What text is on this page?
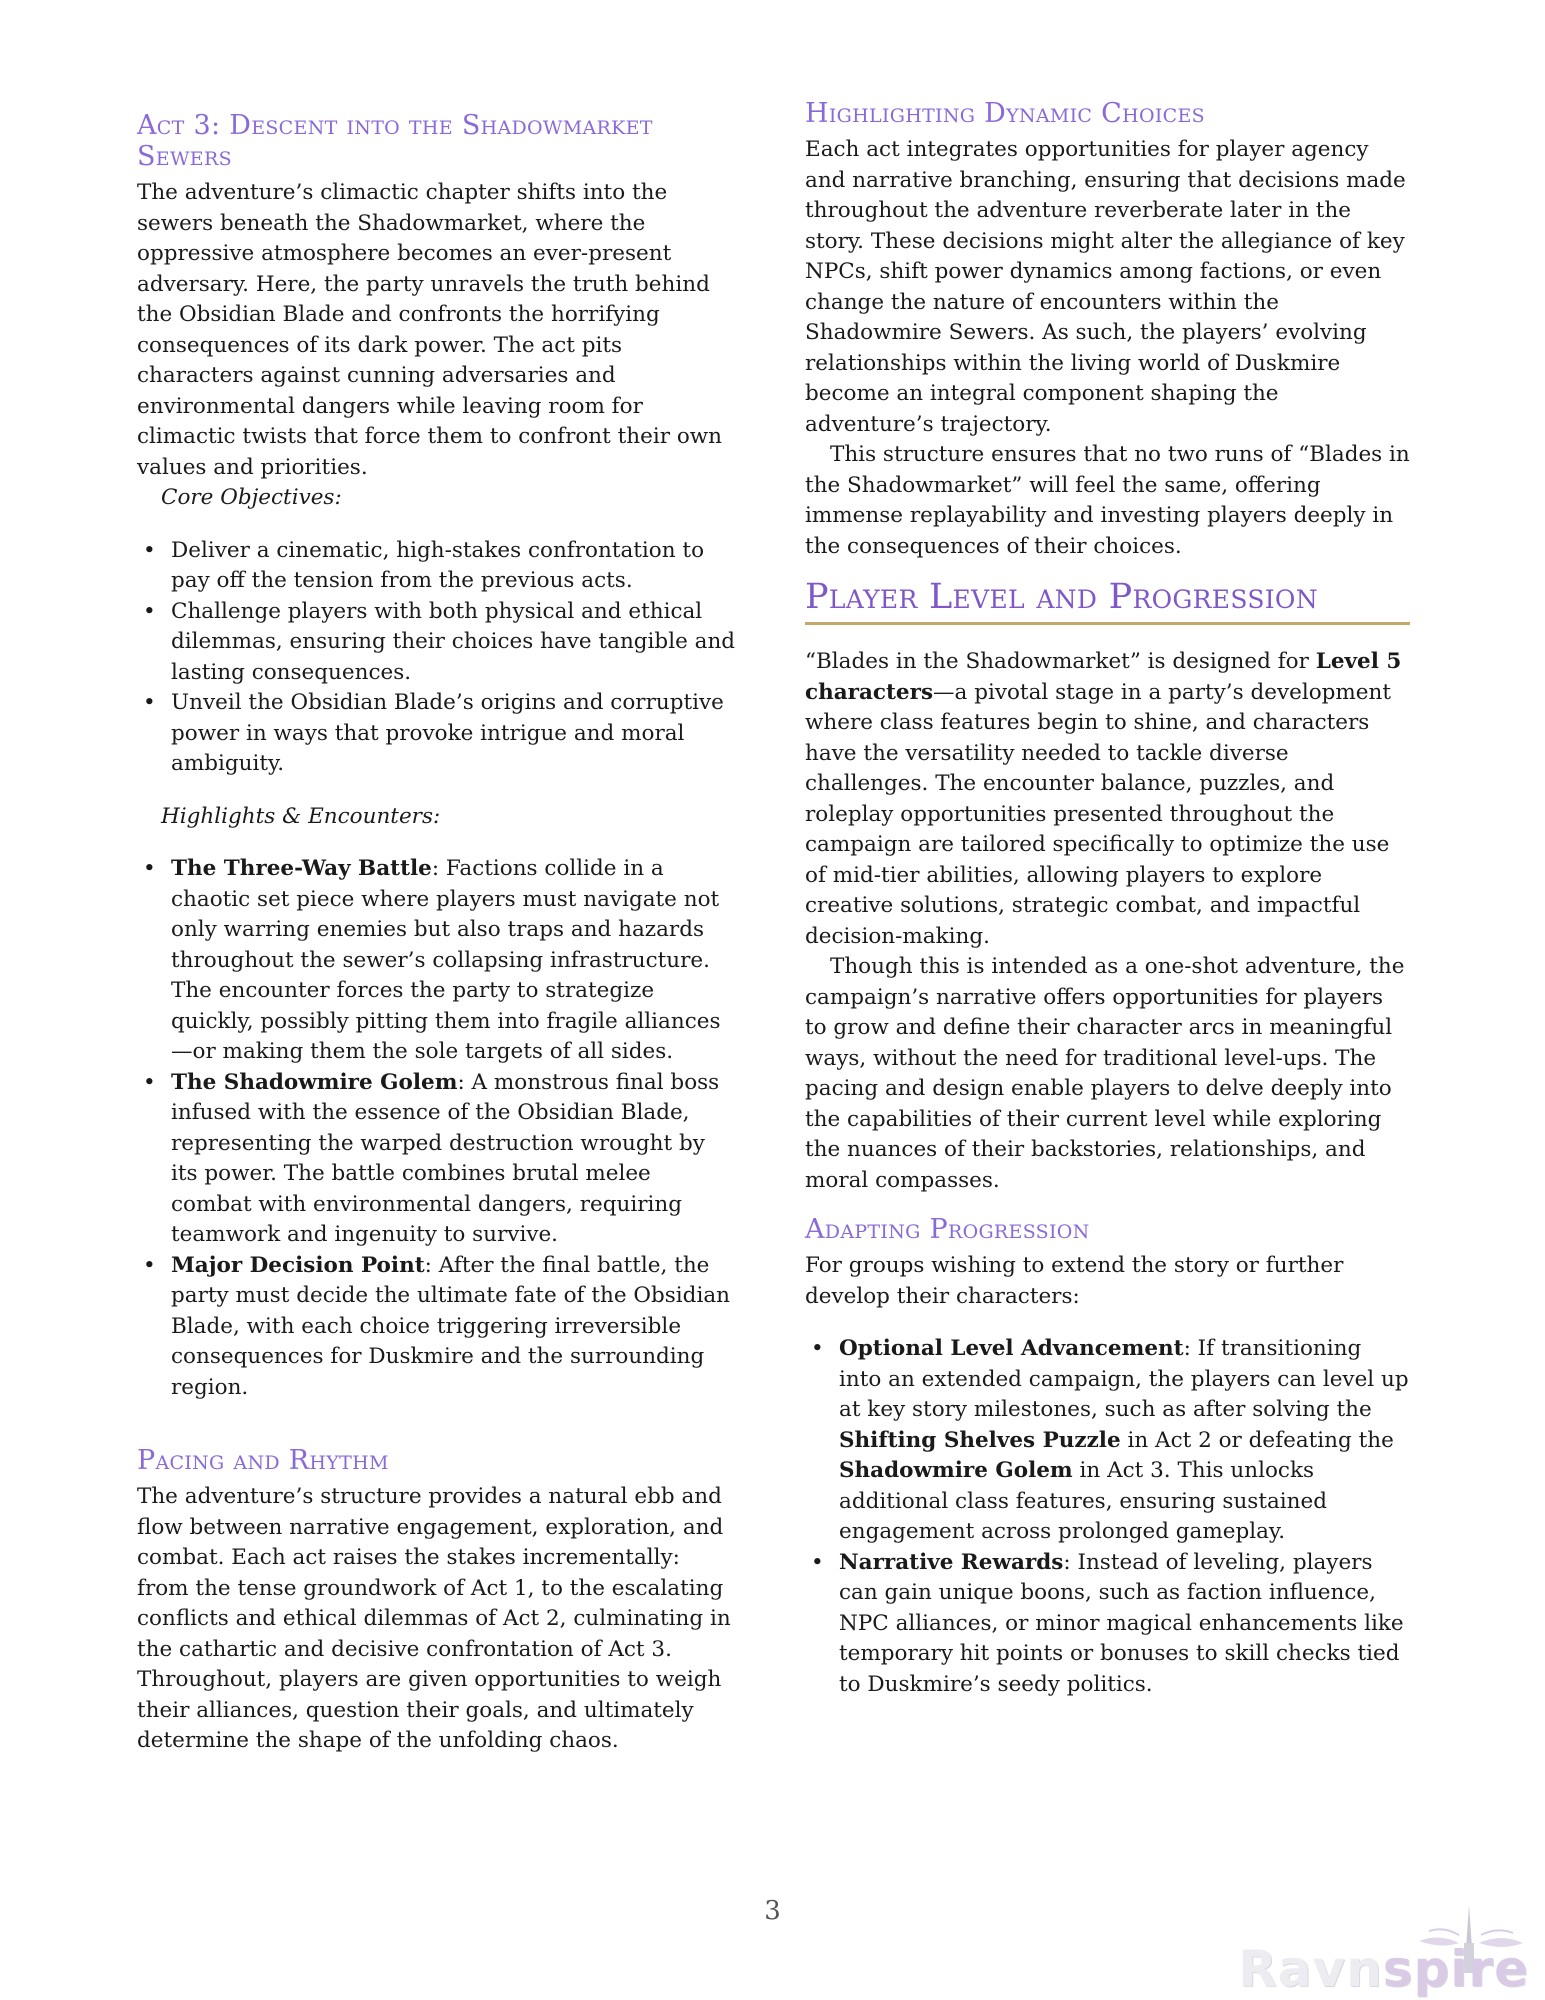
Act 3: Descent into the Shadowmarket Sewers

The adventure’s climactic chapter shifts into the sewers beneath the Shadowmarket, where the oppressive atmosphere becomes an ever-present adversary. Here, the party unravels the truth behind the Obsidian Blade and confronts the horrifying consequences of its dark power. The act pits characters against cunning adversaries and environmental dangers while leaving room for climactic twists that force them to confront their own values and priorities.

Core Objectives:

• Deliver a cinematic, high-stakes confrontation to pay off the tension from the previous acts.
• Challenge players with both physical and ethical dilemmas, ensuring their choices have tangible and lasting consequences.
• Unveil the Obsidian Blade’s origins and corruptive power in ways that provoke intrigue and moral ambiguity.

Highlights & Encounters:

• The Three-Way Battle: Factions collide in a chaotic set piece where players must navigate not only warring enemies but also traps and hazards throughout the sewer’s collapsing infrastructure. The encounter forces the party to strategize quickly, possibly pitting them into fragile alliances—or making them the sole targets of all sides.
• The Shadowmire Golem: A monstrous final boss infused with the essence of the Obsidian Blade, representing the warped destruction wrought by its power. The battle combines brutal melee combat with environmental dangers, requiring teamwork and ingenuity to survive.
• Major Decision Point: After the final battle, the party must decide the ultimate fate of the Obsidian Blade, with each choice triggering irreversible consequences for Duskmire and the surrounding region.
Pacing and Rhythm

The adventure’s structure provides a natural ebb and flow between narrative engagement, exploration, and combat. Each act raises the stakes incrementally: from the tense groundwork of Act 1, to the escalating conflicts and ethical dilemmas of Act 2, culminating in the cathartic and decisive confrontation of Act 3. Throughout, players are given opportunities to weigh their alliances, question their goals, and ultimately determine the shape of the unfolding chaos.

Highlighting Dynamic Choices

Each act integrates opportunities for player agency and narrative branching, ensuring that decisions made throughout the adventure reverberate later in the story. These decisions might alter the allegiance of key NPCs, shift power dynamics among factions, or even change the nature of encounters within the Shadowmire Sewers. As such, the players’ evolving relationships within the living world of Duskmire become an integral component shaping the adventure’s trajectory.

This structure ensures that no two runs of “Blades in the Shadowmarket” will feel the same, offering immense replayability and investing players deeply in the consequences of their choices.

Player Level and Progression

“Blades in the Shadowmarket” is designed for Level 5 characters—a pivotal stage in a party’s development where class features begin to shine, and characters have the versatility needed to tackle diverse challenges. The encounter balance, puzzles, and roleplay opportunities presented throughout the campaign are tailored specifically to optimize the use of mid-tier abilities, allowing players to explore creative solutions, strategic combat, and impactful decision-making.

Though this is intended as a one-shot adventure, the campaign’s narrative offers opportunities for players to grow and define their character arcs in meaningful ways, without the need for traditional level-ups. The pacing and design enable players to delve deeply into the capabilities of their current level while exploring the nuances of their backstories, relationships, and moral compasses.

Adapting Progression

For groups wishing to extend the story or further develop their characters:

• Optional Level Advancement: If transitioning into an extended campaign, the players can level up at key story milestones, such as after solving the Shifting Shelves Puzzle in Act 2 or defeating the Shadowmire Golem in Act 3. This unlocks additional class features, ensuring sustained engagement across prolonged gameplay.
• Narrative Rewards: Instead of leveling, players can gain unique boons, such as faction influence, NPC alliances, or minor magical enhancements like temporary hit points or bonuses to skill checks tied to Duskmire’s seedy politics.
3
Ravnspire
